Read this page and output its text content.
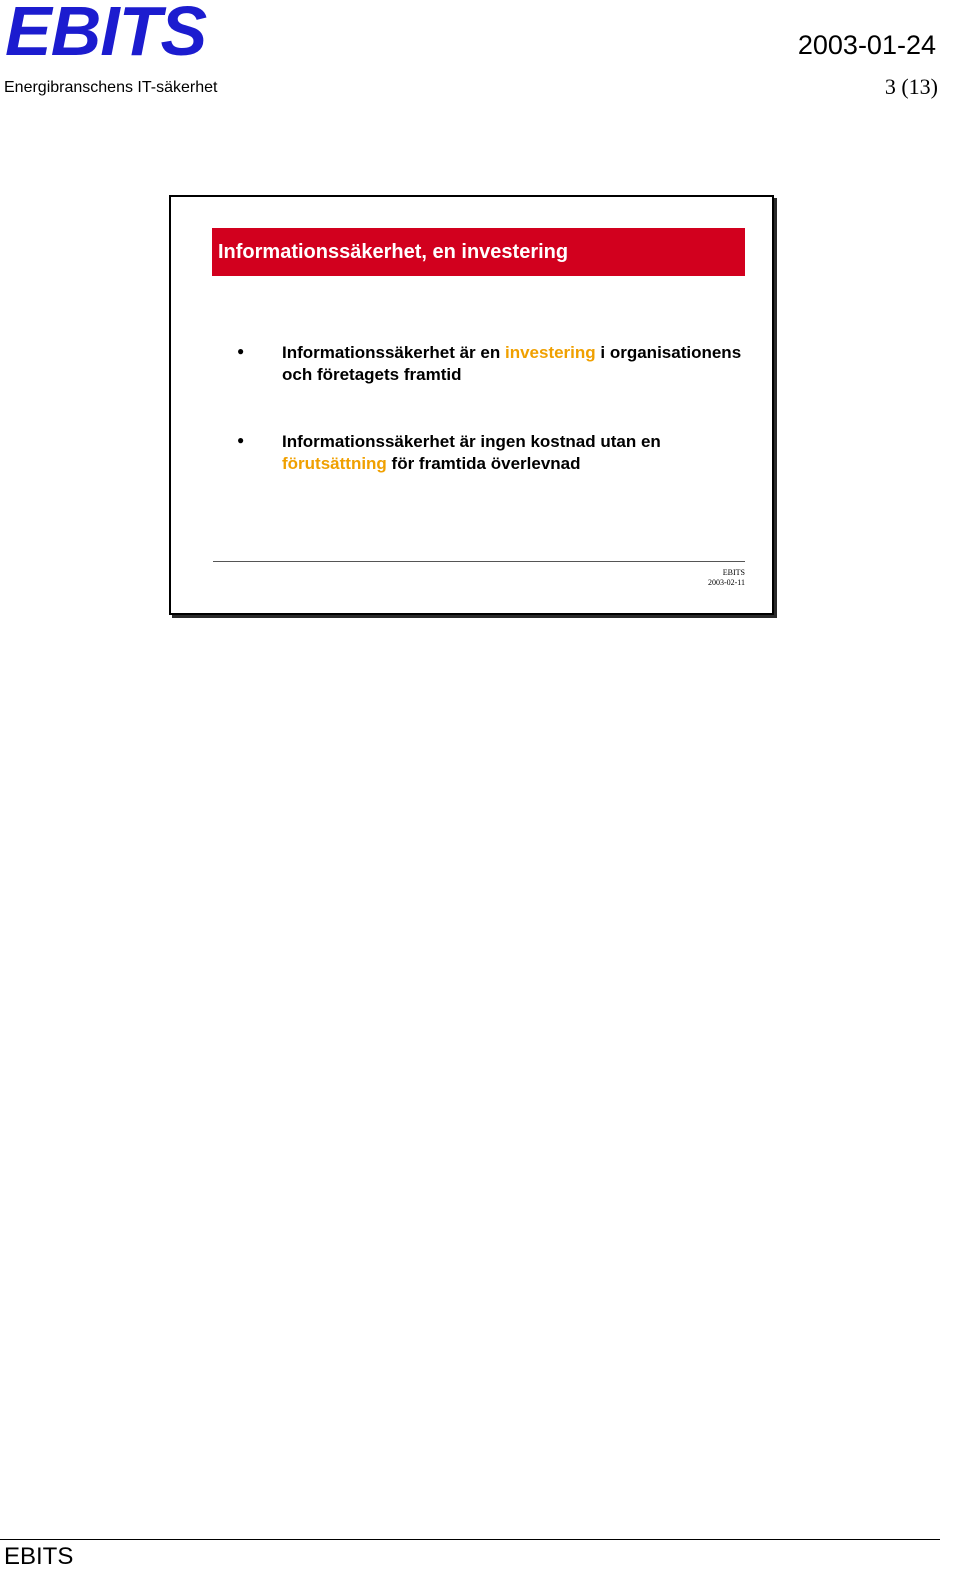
EBITS
Energibranschens IT-säkerhet
2003-01-24
3 (13)
Informationssäkerhet, en investering
● Informationssäkerhet är en investering i organisationens och företagets framtid
● Informationssäkerhet är ingen kostnad utan en förutsättning för framtida överlevnad
EBITS
2003-02-11
EBITS
